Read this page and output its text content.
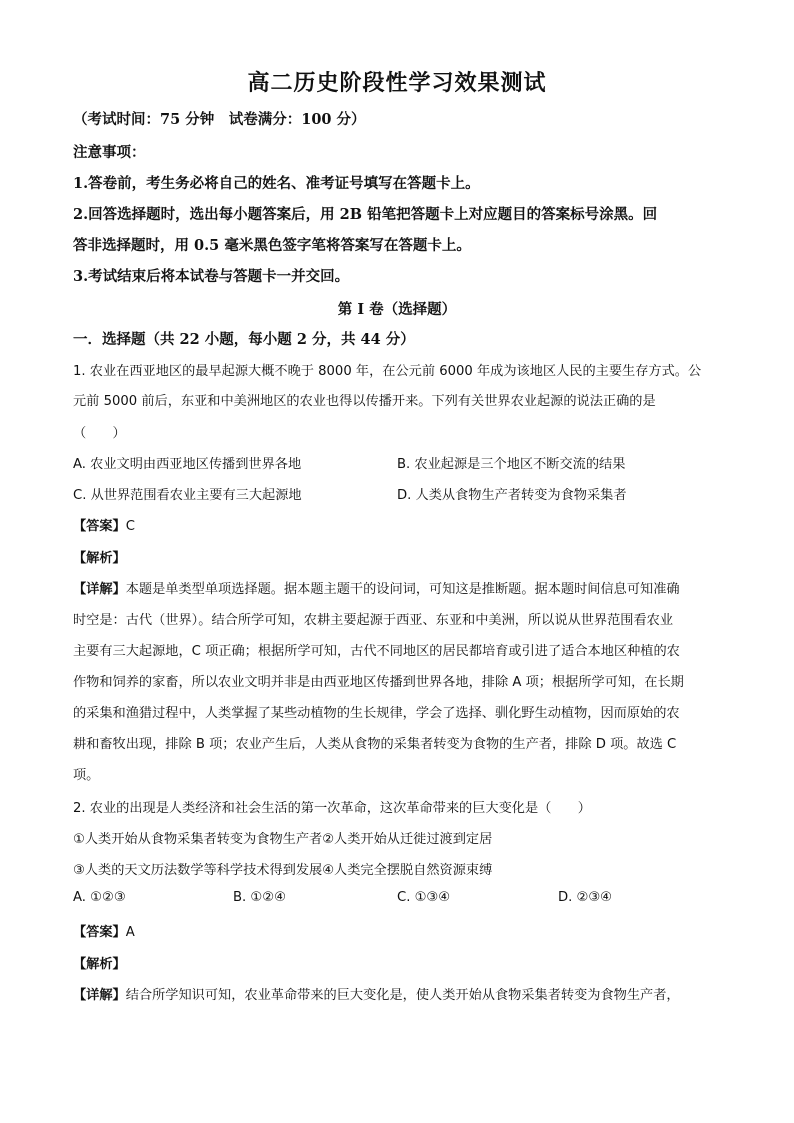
高二历史阶段性学习效果测试
（考试时间：75 分钟　试卷满分：100 分）
注意事项：
1.答卷前，考生务必将自己的姓名、准考证号填写在答题卡上。
2.回答选择题时，选出每小题答案后，用 2B 铅笔把答题卡上对应题目的答案标号涂黑。回
答非选择题时，用 0.5 毫米黑色签字笔将答案写在答题卡上。
3.考试结束后将本试卷与答题卡一并交回。
第 I 卷（选择题）
一．选择题（共 22 小题，每小题 2 分，共 44 分）
1. 农业在西亚地区的最早起源大概不晚于 8000 年，在公元前 6000 年成为该地区人民的主要生存方式。公
元前 5000 前后，东亚和中美洲地区的农业也得以传播开来。下列有关世界农业起源的说法正确的是
（　　）
A. 农业文明由西亚地区传播到世界各地	B. 农业起源是三个地区不断交流的结果
C. 从世界范围看农业主要有三大起源地	D. 人类从食物生产者转变为食物采集者
【答案】C
【解析】
【详解】本题是单类型单项选择题。据本题主题干的设问词，可知这是推断题。据本题时间信息可知准确
时空是：古代（世界）。结合所学可知，农耕主要起源于西亚、东亚和中美洲，所以说从世界范围看农业
主要有三大起源地，C 项正确；根据所学可知，古代不同地区的居民都培育或引进了适合本地区种植的农
作物和饲养的家畜，所以农业文明并非是由西亚地区传播到世界各地，排除 A 项；根据所学可知，在长期
的采集和渔猎过程中，人类掌握了某些动植物的生长规律，学会了选择、驯化野生动植物，因而原始的农
耕和畜牧出现，排除 B 项；农业产生后，人类从食物的采集者转变为食物的生产者，排除 D 项。故选 C
项。
2. 农业的出现是人类经济和社会生活的第一次革命，这次革命带来的巨大变化是（　　）
①人类开始从食物采集者转变为食物生产者②人类开始从迁徙过渡到定居
③人类的天文历法数学等科学技术得到发展④人类完全摆脱自然资源束缚
A. ①②③	B. ①②④	C. ①③④	D. ②③④
【答案】A
【解析】
【详解】结合所学知识可知，农业革命带来的巨大变化是，使人类开始从食物采集者转变为食物生产者，
